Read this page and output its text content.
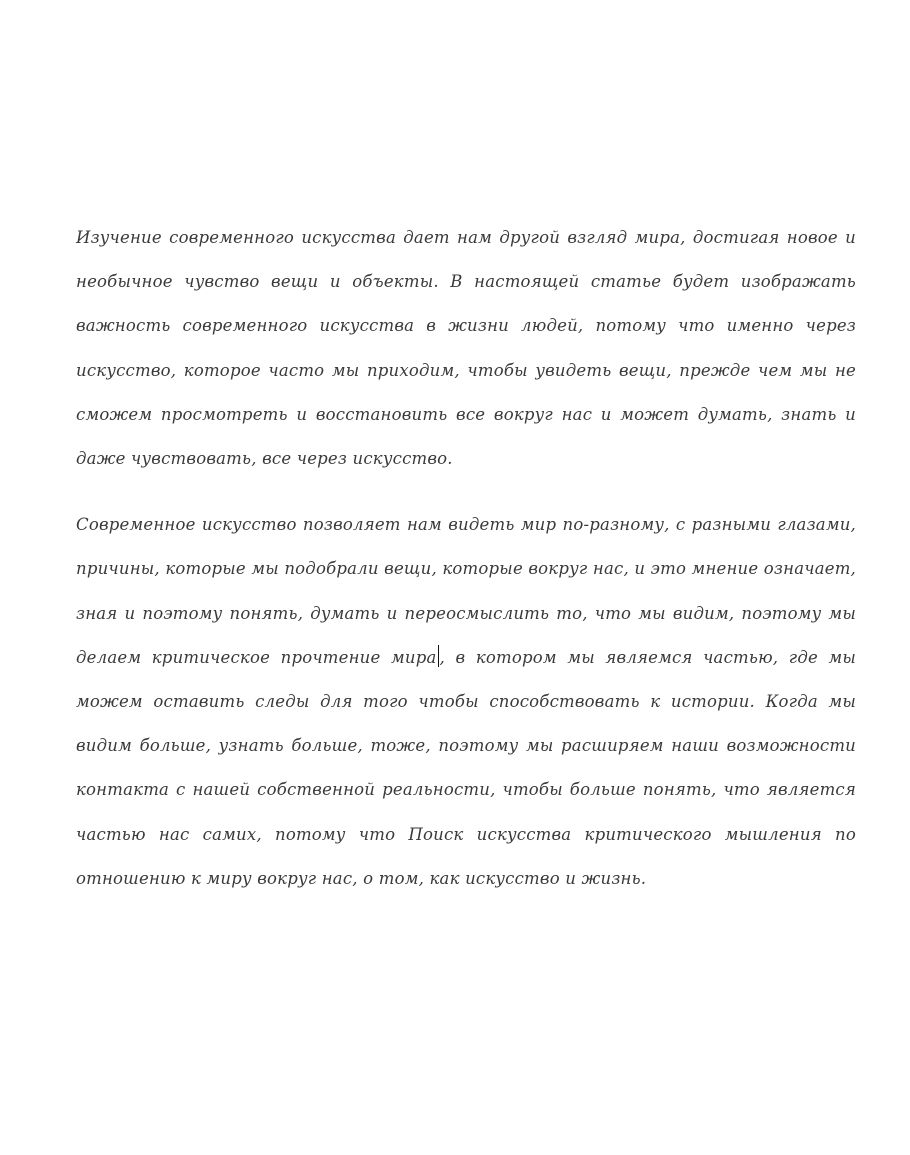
Изучение современного искусства дает нам другой взгляд мира, достигая новое и необычное чувство вещи и объекты. В настоящей статье будет изображать важность современного искусства в жизни людей, потому что именно через искусство, которое часто мы приходим, чтобы увидеть вещи, прежде чем мы не сможем просмотреть и восстановить все вокруг нас и может думать, знать и даже чувствовать, все через искусство.

Современное искусство позволяет нам видеть мир по-разному, с разными глазами, причины, которые мы подобрали вещи, которые вокруг нас, и это мнение означает, зная и поэтому понять, думать и переосмыслить то, что мы видим, поэтому мы делаем критическое прочтение мира , в котором мы являемся частью, где мы можем оставить следы для того чтобы способствовать к истории. Когда мы видим больше, узнать больше, тоже, поэтому мы расширяем наши возможности контакта с нашей собственной реальности, чтобы больше понять, что является частью нас самих, потому что Поиск искусства критического мышления по отношению к миру вокруг нас, о том, как искусство и жизнь.
